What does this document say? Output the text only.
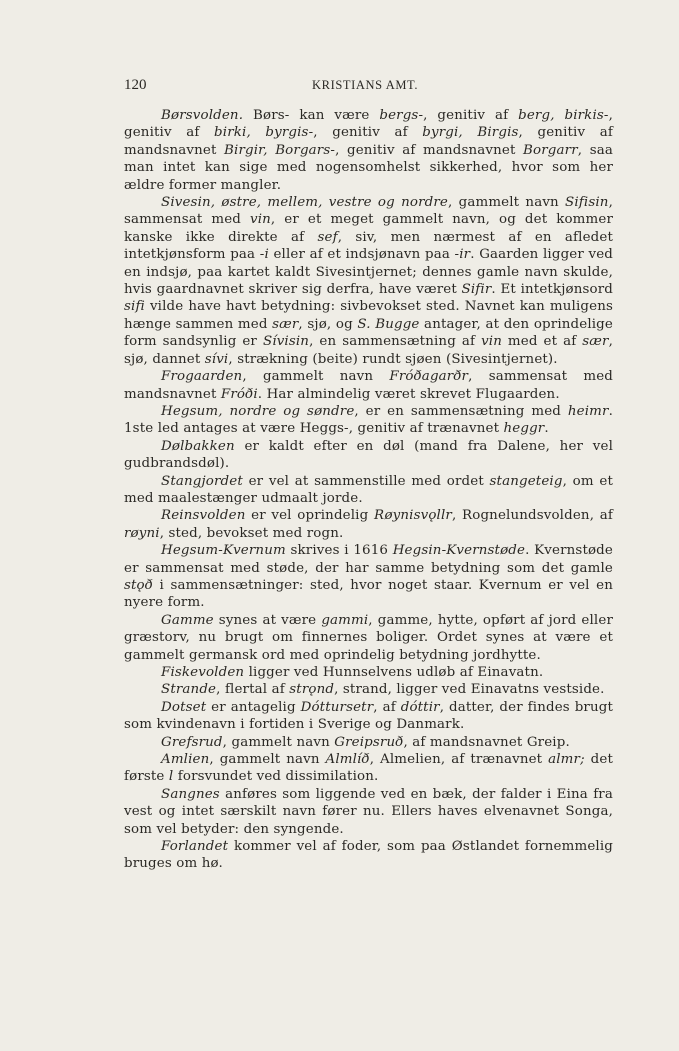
120	KRISTIANS AMT.

Børsvolden. Børs- kan være bergs-, genitiv af berg, birkis-, genitiv af birki, byrgis-, genitiv af byrgi, Birgis, genitiv af mandsnavnet Birgir, Borgars-, genitiv af mandsnavnet Borgarr, saa man intet kan sige med nogensomhelst sikkerhed, hvor som her ældre former mangler.

Sivesin, østre, mellem, vestre og nordre, gammelt navn Sifisin, sammensat med vin, er et meget gammelt navn, og det kommer kanske ikke direkte af sef, siv, men nærmest af en afledet intetkjønsform paa -i eller af et indsjønavn paa -ir. Gaarden ligger ved en indsjø, paa kartet kaldt Sivesintjernet; dennes gamle navn skulde, hvis gaardnavnet skriver sig derfra, have været Sifir. Et intetkjønsord sifi vilde have havt betydning: sivbevokset sted. Navnet kan muligens hænge sammen med sær, sjø, og S. Bugge antager, at den oprindelige form sandsynlig er Sívisin, en sammensætning af vin med et af sær, sjø, dannet sívi, strækning (beite) rundt sjøen (Sivesintjernet).

Frogaarden, gammelt navn Fróðagarðr, sammensat med mandsnavnet Fróði. Har almindelig været skrevet Flugaarden.

Hegsum, nordre og søndre, er en sammensætning med heimr. 1ste led antages at være Heggs-, genitiv af trænavnet heggr.

Dølbakken er kaldt efter en døl (mand fra Dalene, her vel gudbrandsdøl).

Stangjordet er vel at sammenstille med ordet stangeteig, om et med maalestænger udmaalt jorde.

Reinsvolden er vel oprindelig Røynisvǫllr, Rognelundsvolden, af røyni, sted, bevokset med rogn.

Hegsum-Kvernum skrives i 1616 Hegsin-Kvernstøde. Kvernstøde er sammensat med støde, der har samme betydning som det gamle stǫð i sammensætninger: sted, hvor noget staar. Kvernum er vel en nyere form.

Gamme synes at være gammi, gamme, hytte, opført af jord eller græstorv, nu brugt om finnernes boliger. Ordet synes at være et gammelt germansk ord med oprindelig betydning jordhytte.

Fiskevolden ligger ved Hunnselvens udløb af Einavatn.

Strande, flertal af strǫnd, strand, ligger ved Einavatns vestside.

Dotset er antagelig Dóttursetr, af dóttir, datter, der findes brugt som kvindenavn i fortiden i Sverige og Danmark.

Grefsrud, gammelt navn Greipsruð, af mandsnavnet Greip.

Amlien, gammelt navn Almlíð, Almelien, af trænavnet almr; det første l forsvundet ved dissimilation.

Sangnes anføres som liggende ved en bæk, der falder i Eina fra vest og intet særskilt navn fører nu. Ellers haves elvenavnet Songa, som vel betyder: den syngende.

Forlandet kommer vel af foder, som paa Østlandet fornemmelig bruges om hø.
